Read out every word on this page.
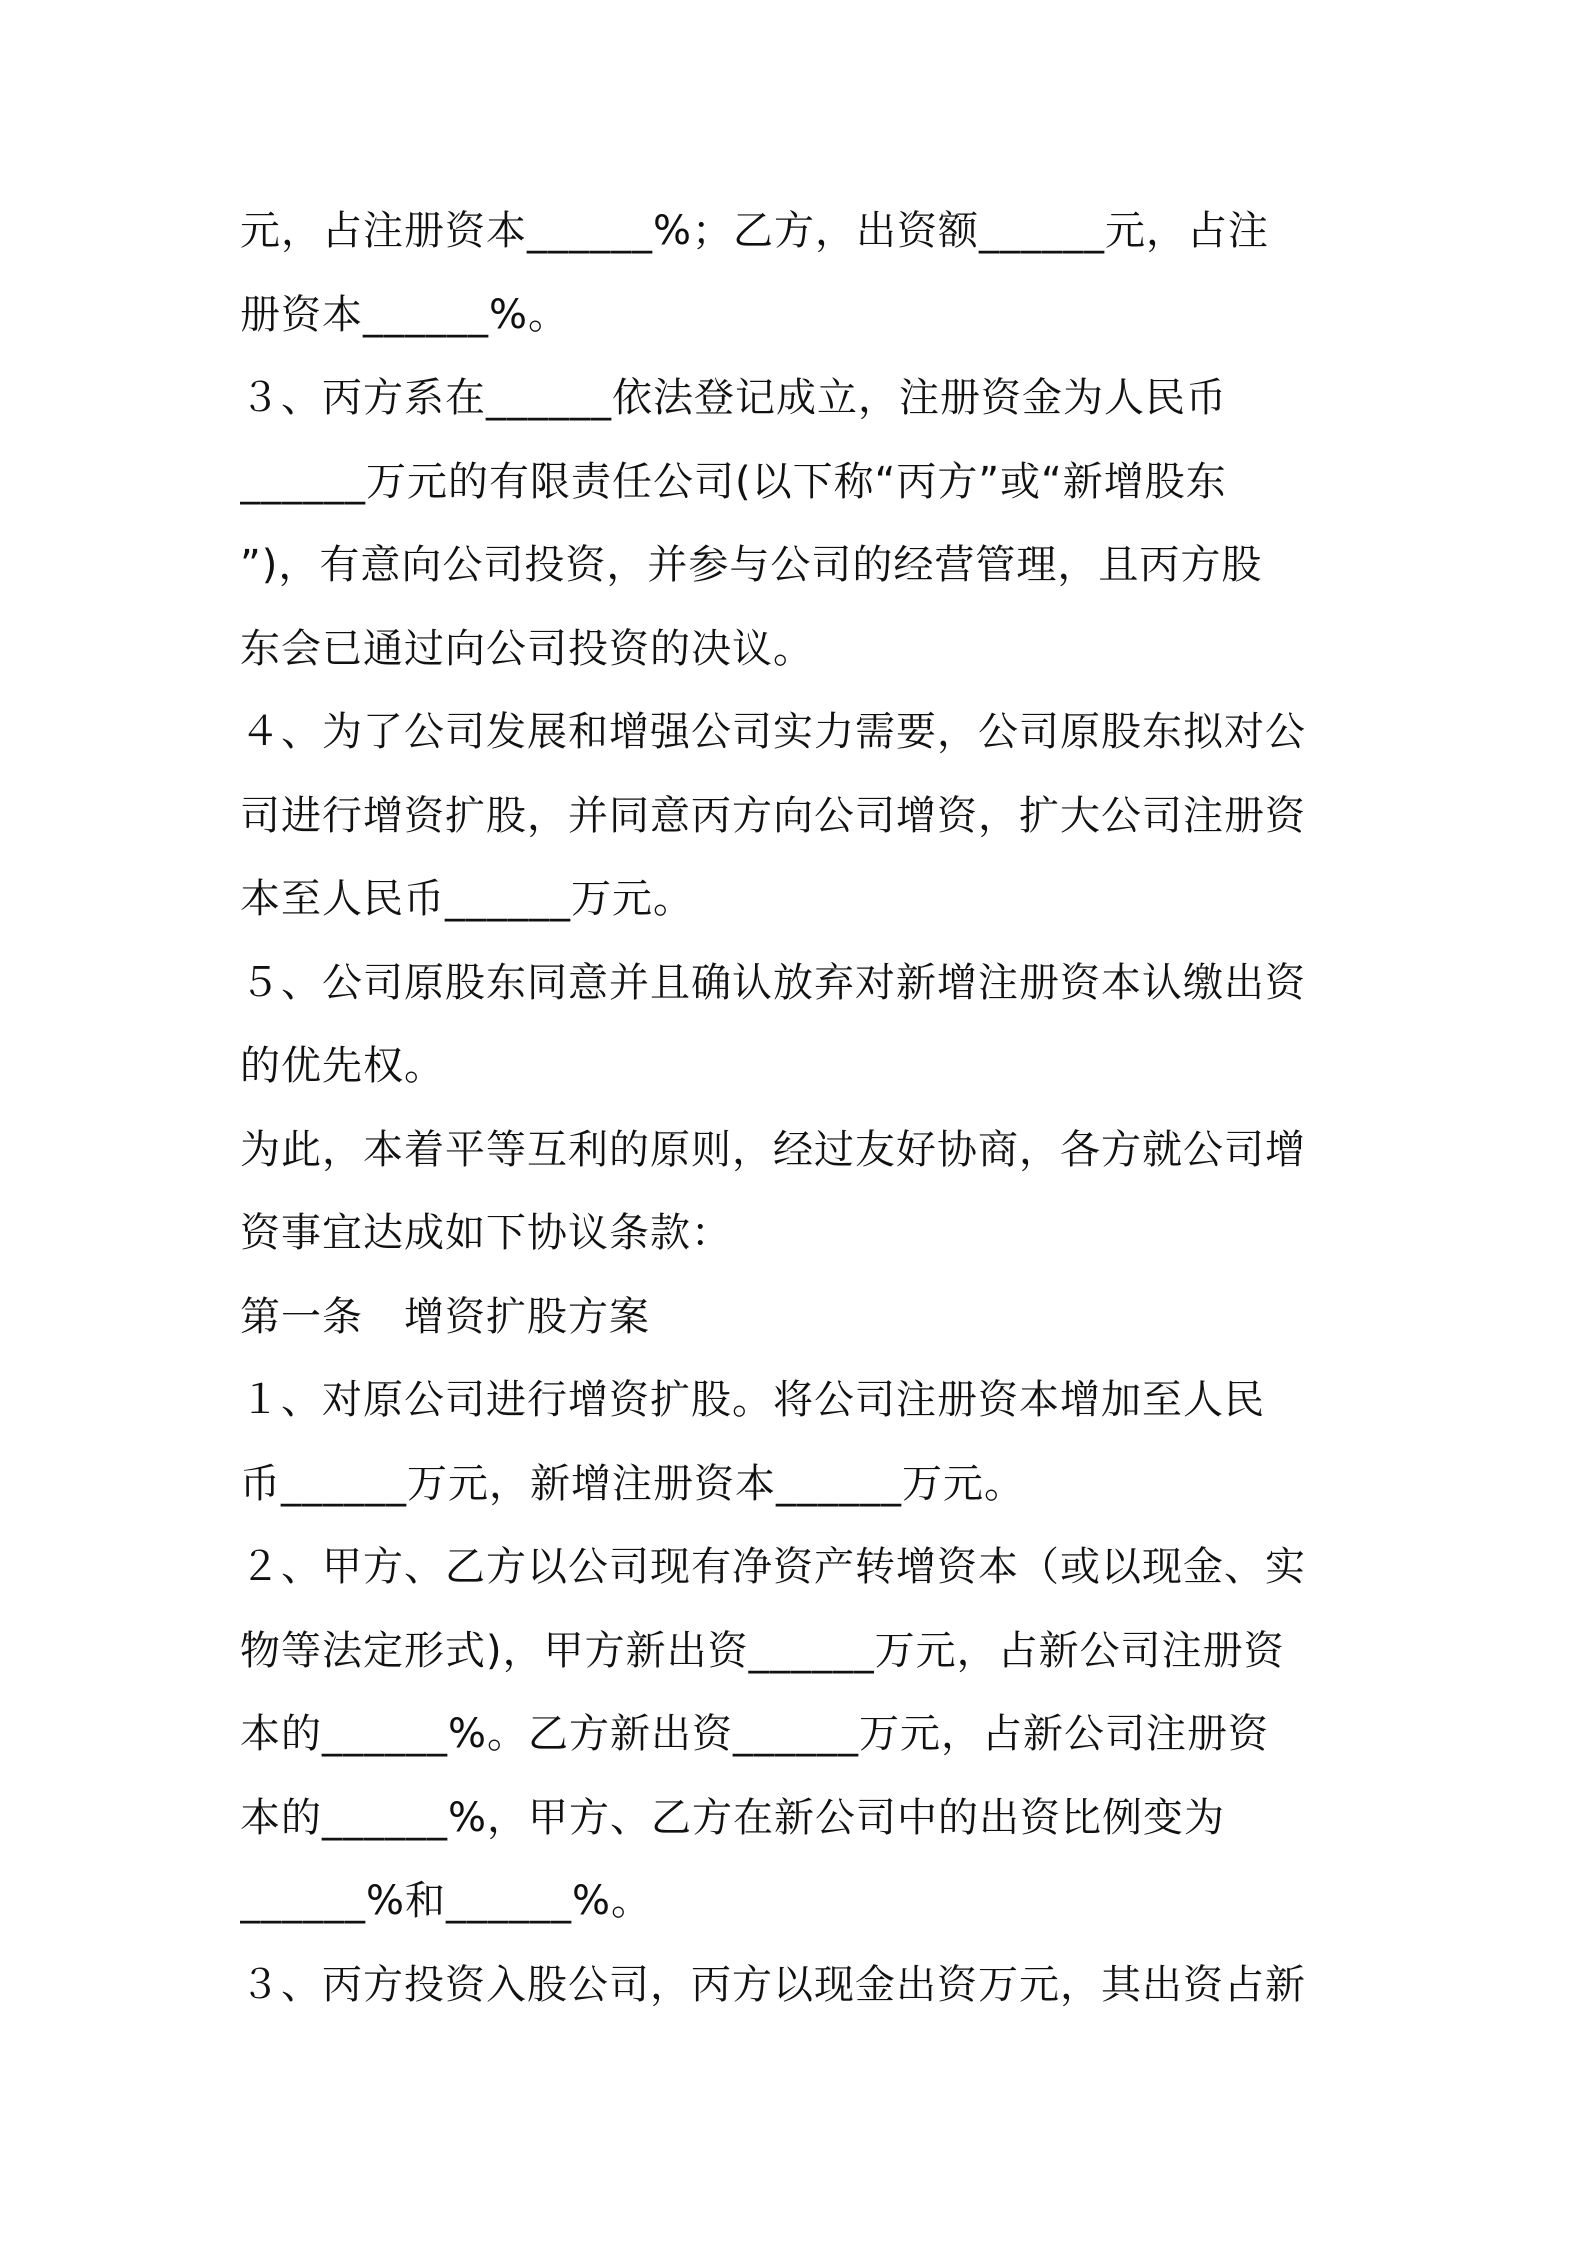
元，占注册资本______%；乙方，出资额______元，占注
册资本______%。
３、丙方系在______依法登记成立，注册资金为人民币
______万元的有限责任公司(以下称“丙方”或“新增股东
”)，有意向公司投资，并参与公司的经营管理，且丙方股
东会已通过向公司投资的决议。
４、为了公司发展和增强公司实力需要，公司原股东拟对公
司进行增资扩股，并同意丙方向公司增资，扩大公司注册资
本至人民币______万元。
５、公司原股东同意并且确认放弃对新增注册资本认缴出资
的优先权。
为此，本着平等互利的原则，经过友好协商，各方就公司增
资事宜达成如下协议条款：
第一条　增资扩股方案
１、对原公司进行增资扩股。将公司注册资本增加至人民
币______万元，新增注册资本______万元。
２、甲方、乙方以公司现有净资产转增资本（或以现金、实
物等法定形式)，甲方新出资______万元，占新公司注册资
本的______%。乙方新出资______万元，占新公司注册资
本的______%，甲方、乙方在新公司中的出资比例变为
______%和______%。
３、丙方投资入股公司，丙方以现金出资万元，其出资占新
